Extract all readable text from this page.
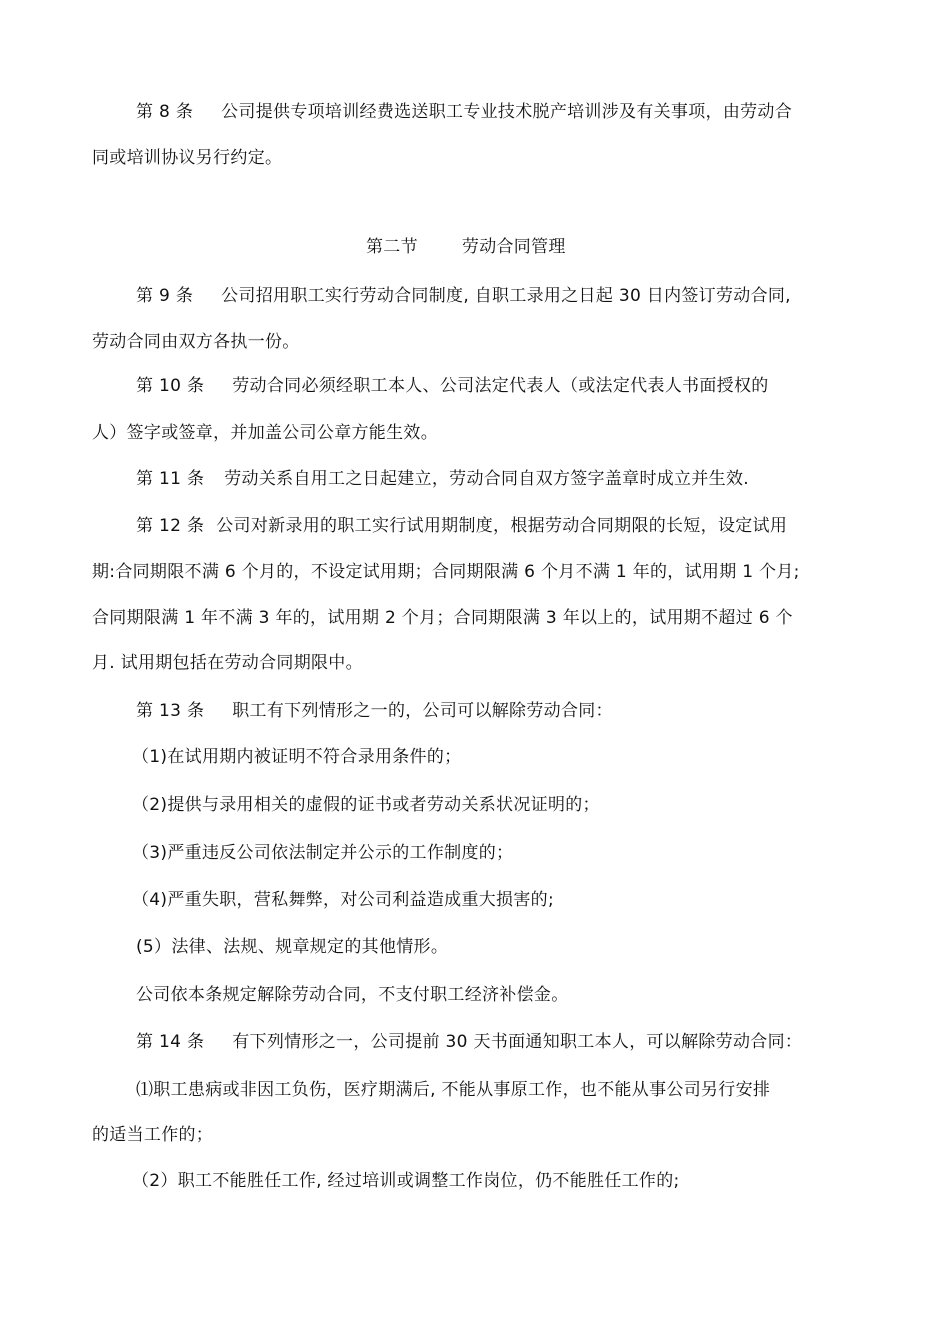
第 8 条 公司提供专项培训经费选送职工专业技术脱产培训涉及有关事项，由劳动合
同或培训协议另行约定。
第二节	劳动合同管理
第 9 条 公司招用职工实行劳动合同制度, 自职工录用之日起 30 日内签订劳动合同,
劳动合同由双方各执一份。
第 10 条 劳动合同必须经职工本人、公司法定代表人（或法定代表人书面授权的
人）签字或签章，并加盖公司公章方能生效。
第 11 条 劳动关系自用工之日起建立，劳动合同自双方签字盖章时成立并生效.
第 12 条 公司对新录用的职工实行试用期制度，根据劳动合同期限的长短，设定试用
期:合同期限不满 6 个月的，不设定试用期；合同期限满 6 个月不满 1 年的，试用期 1 个月;
合同期限满 1 年不满 3 年的，试用期 2 个月；合同期限满 3 年以上的，试用期不超过 6 个
月. 试用期包括在劳动合同期限中。
第 13 条 职工有下列情形之一的，公司可以解除劳动合同：
（1)在试用期内被证明不符合录用条件的；
（2)提供与录用相关的虚假的证书或者劳动关系状况证明的；
（3)严重违反公司依法制定并公示的工作制度的；
（4)严重失职，营私舞弊，对公司利益造成重大损害的;
(5）法律、法规、规章规定的其他情形。
公司依本条规定解除劳动合同，不支付职工经济补偿金。
第 14 条 有下列情形之一，公司提前 30 天书面通知职工本人，可以解除劳动合同：
⑴职工患病或非因工负伤，医疗期满后, 不能从事原工作，也不能从事公司另行安排
的适当工作的；
（2）职工不能胜任工作, 经过培训或调整工作岗位，仍不能胜任工作的;
